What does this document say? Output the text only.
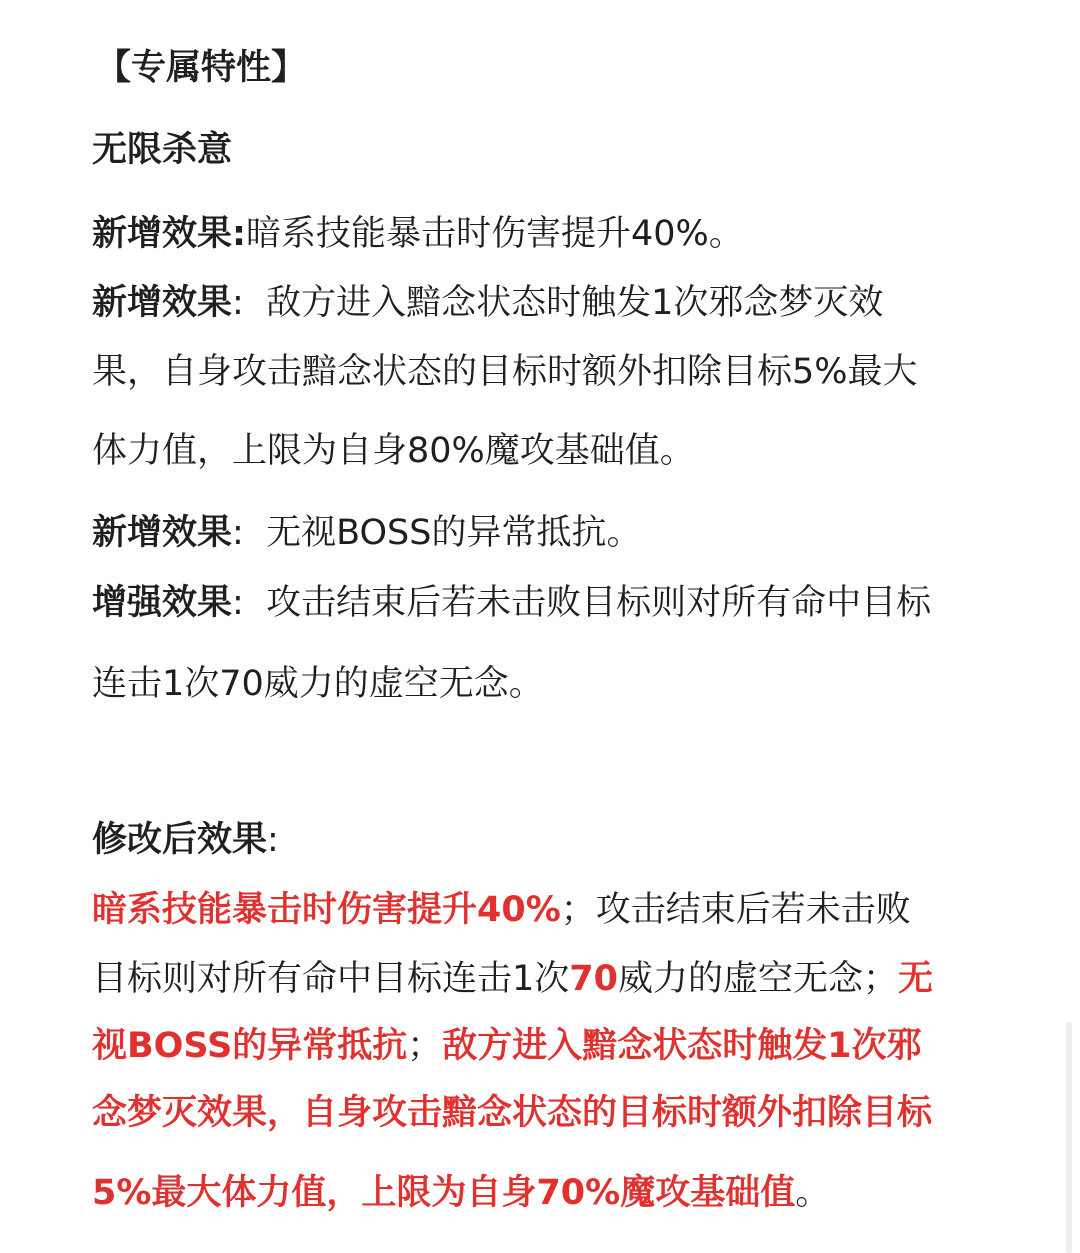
【专属特性】
无限杀意
新增效果:暗系技能暴击时伤害提升40%。
新增效果: 敌方进入黯念状态时触发1次邪念梦灭效
果，自身攻击黯念状态的目标时额外扣除目标5%最大
体力值，上限为自身80%魔攻基础值。
新增效果: 无视BOSS的异常抵抗。
增强效果: 攻击结束后若未击败目标则对所有命中目标
连击1次70威力的虚空无念。
修改后效果:
暗系技能暴击时伤害提升40%；攻击结束后若未击败
目标则对所有命中目标连击1次70威力的虚空无念；无
视BOSS的异常抵抗；敌方进入黯念状态时触发1次邪
念梦灭效果，自身攻击黯念状态的目标时额外扣除目标
5%最大体力值，上限为自身70%魔攻基础值。
